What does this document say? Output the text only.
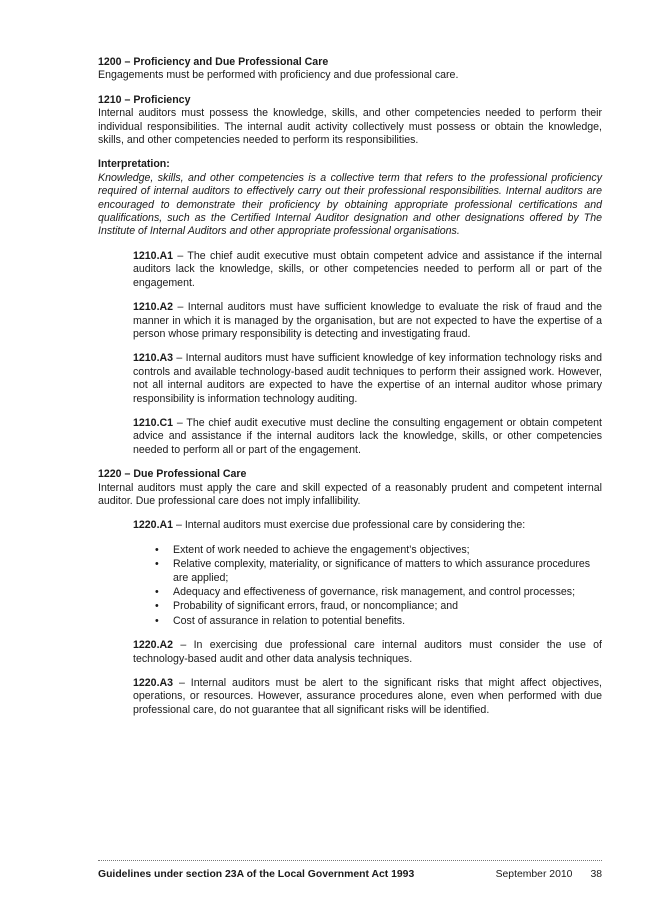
1200 – Proficiency and Due Professional Care

Engagements must be performed with proficiency and due professional care.

1210 – Proficiency

Internal auditors must possess the knowledge, skills, and other competencies needed to perform their individual responsibilities. The internal audit activity collectively must possess or obtain the knowledge, skills, and other competencies needed to perform its responsibilities.

Interpretation:

Knowledge, skills, and other competencies is a collective term that refers to the professional proficiency required of internal auditors to effectively carry out their professional responsibilities. Internal auditors are encouraged to demonstrate their proficiency by obtaining appropriate professional certifications and qualifications, such as the Certified Internal Auditor designation and other designations offered by The Institute of Internal Auditors and other appropriate professional organisations.

1210.A1 – The chief audit executive must obtain competent advice and assistance if the internal auditors lack the knowledge, skills, or other competencies needed to perform all or part of the engagement.

1210.A2 – Internal auditors must have sufficient knowledge to evaluate the risk of fraud and the manner in which it is managed by the organisation, but are not expected to have the expertise of a person whose primary responsibility is detecting and investigating fraud.

1210.A3 – Internal auditors must have sufficient knowledge of key information technology risks and controls and available technology-based audit techniques to perform their assigned work. However, not all internal auditors are expected to have the expertise of an internal auditor whose primary responsibility is information technology auditing.

1210.C1 – The chief audit executive must decline the consulting engagement or obtain competent advice and assistance if the internal auditors lack the knowledge, skills, or other competencies needed to perform all or part of the engagement.

1220 – Due Professional Care

Internal auditors must apply the care and skill expected of a reasonably prudent and competent internal auditor. Due professional care does not imply infallibility.

1220.A1 – Internal auditors must exercise due professional care by considering the:

• Extent of work needed to achieve the engagement’s objectives;
• Relative complexity, materiality, or significance of matters to which assurance procedures are applied;
• Adequacy and effectiveness of governance, risk management, and control processes;
• Probability of significant errors, fraud, or noncompliance; and
• Cost of assurance in relation to potential benefits.

1220.A2 – In exercising due professional care internal auditors must consider the use of technology-based audit and other data analysis techniques.

1220.A3 – Internal auditors must be alert to the significant risks that might affect objectives, operations, or resources. However, assurance procedures alone, even when performed with due professional care, do not guarantee that all significant risks will be identified.

Guidelines under section 23A of the Local Government Act 1993	September 2010 38
